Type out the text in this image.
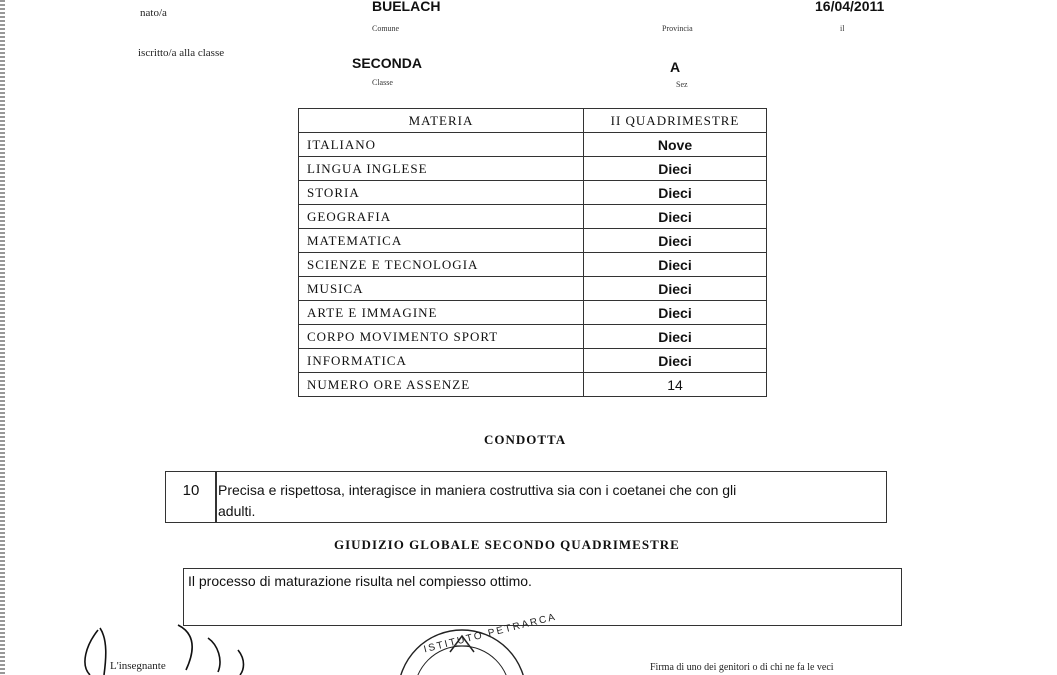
nato/a	BUELACH
Comune	Provincia
16/04/2011
il
iscritto/a alla classe
SECONDA
Classe
A
Sez
MATERIA	II QUADRIMESTRE
ITALIANO	Nove
LINGUA INGLESE	Dieci
STORIA	Dieci
GEOGRAFIA	Dieci
MATEMATICA	Dieci
SCIENZE E TECNOLOGIA	Dieci
MUSICA	Dieci
ARTE E IMMAGINE	Dieci
CORPO MOVIMENTO SPORT	Dieci
INFORMATICA	Dieci
NUMERO ORE ASSENZE	14
CONDOTTA
10	Precisa e rispettosa, interagisce in maniera costruttiva sia con i coetanei che con gli
adulti.
GIUDIZIO GLOBALE SECONDO QUADRIMESTRE
Il processo di maturazione risulta nel compiesso ottimo.
L'insegnante
ISTITUTO PETRARCA
Firma di uno dei genitori o di chi ne fa le veci
